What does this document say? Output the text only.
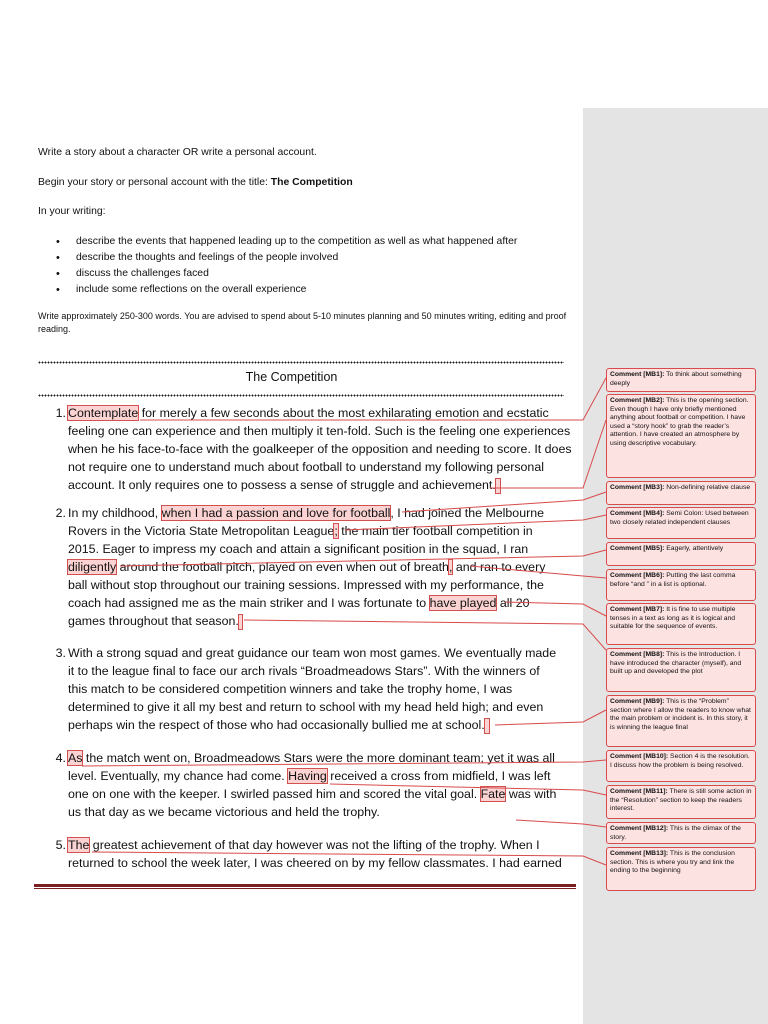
Write a story about a character OR write a personal account.
Begin your story or personal account with the title: The Competition
In your writing:
• describe the events that happened leading up to the competition as well as what happened after
• describe the thoughts and feelings of the people involved
• discuss the challenges faced
• include some reflections on the overall experience
Write approximately 250-300 words. You are advised to spend about 5-10 minutes planning and 50 minutes writing, editing and proof reading.
The Competition
1. Contemplate for merely a few seconds about the most exhilarating emotion and ecstatic
feeling one can experience and then multiply it ten-fold. Such is the feeling one experiences
when he his face-to-face with the goalkeeper of the opposition and needing to score. It does
not require one to understand much about football to understand my following personal
account. It only requires one to possess a sense of struggle and achievement.
2. In my childhood, when I had a passion and love for football, I had joined the Melbourne
Rovers in the Victoria State Metropolitan League; the main tier football competition in
2015. Eager to impress my coach and attain a significant position in the squad, I ran
diligently around the football pitch, played on even when out of breath, and ran to every
ball without stop throughout our training sessions. Impressed with my performance, the
coach had assigned me as the main striker and I was fortunate to have played all 20
games throughout that season.
3. With a strong squad and great guidance our team won most games. We eventually made
it to the league final to face our arch rivals “Broadmeadows Stars”. With the winners of
this match to be considered competition winners and take the trophy home, I was
determined to give it all my best and return to school with my head held high; and even
perhaps win the respect of those who had occasionally bullied me at school.
4. As the match went on, Broadmeadows Stars were the more dominant team; yet it was all
level. Eventually, my chance had come. Having received a cross from midfield, I was left
one on one with the keeper. I swirled passed him and scored the vital goal. Fate was with
us that day as we became victorious and held the trophy.
5. The greatest achievement of that day however was not the lifting of the trophy. When I
returned to school the week later, I was cheered on by my fellow classmates. I had earned
Comment [MB1]: To think about something deeply
Comment [MB2]: This is the opening section. Even though I have only briefly mentioned anything about football or competition. I have used a “story hook” to grab the reader’s attention. I have created an atmosphere by using descriptive vocabulary.
Comment [MB3]: Non-defining relative clause
Comment [MB4]: Semi Colon: Used between two closely related independent clauses
Comment [MB5]: Eagerly, attentively
Comment [MB6]: Putting the last comma before “and ” in a list is optional.
Comment [MB7]: It is fine to use multiple tenses in a text as long as it is logical and suitable for the sequence of events.
Comment [MB8]: This is the Introduction. I have introduced the character (myself), and built up and developed the plot
Comment [MB9]: This is the “Problem” section where I allow the readers to know what the main problem or incident is. In this story, it is winning the league final
Comment [MB10]: Section 4 is the resolution. I discuss how the problem is being resolved.
Comment [MB11]: There is still some action in the “Resolution” section to keep the readers interest.
Comment [MB12]: This is the climax of the story.
Comment [MB13]: This is the conclusion section. This is where you try and link the ending to the beginning
